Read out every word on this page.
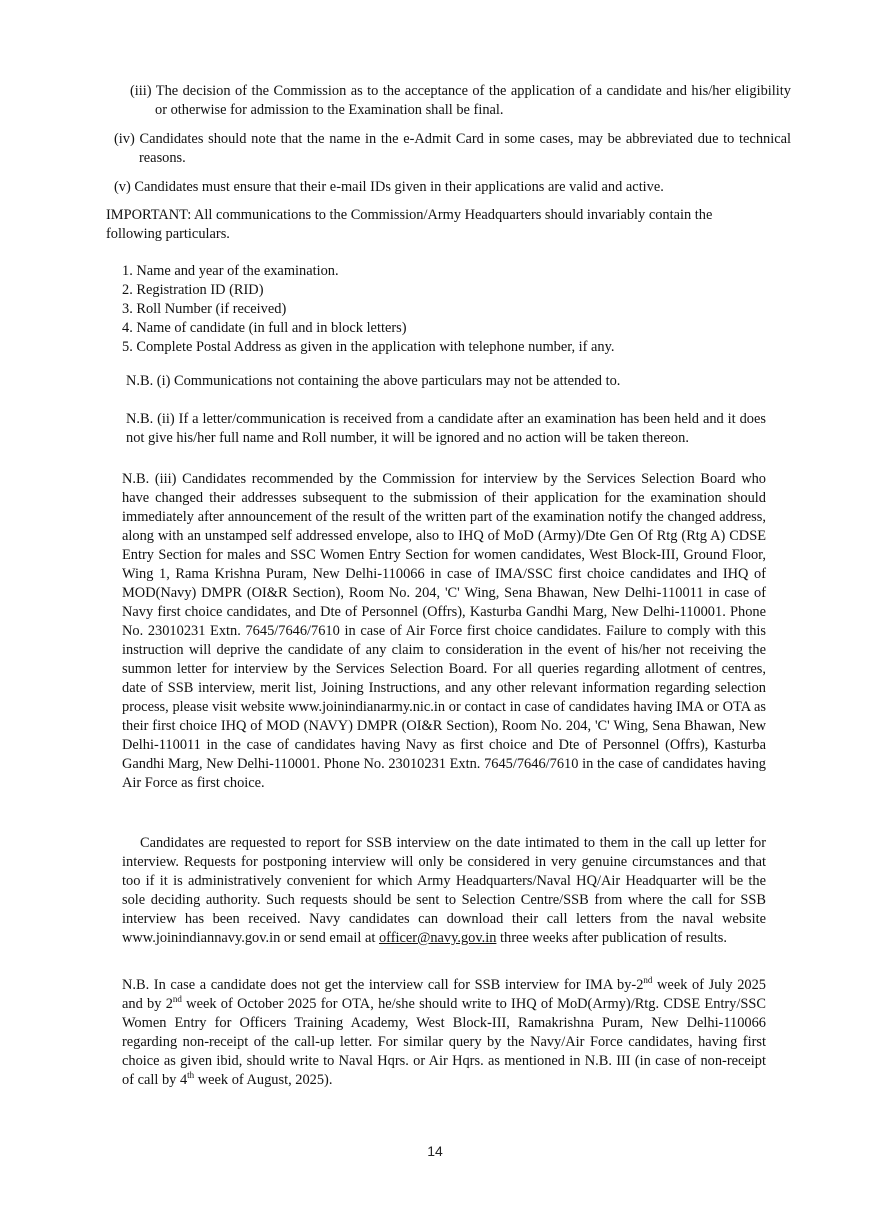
(iii) The decision of the Commission as to the acceptance of the application of a candidate and his/her eligibility or otherwise for admission to the Examination shall be final.

(iv) Candidates should note that the name in the e-Admit Card in some cases, may be abbreviated due to technical reasons.

(v) Candidates must ensure that their e-mail IDs given in their applications are valid and active.

IMPORTANT: All communications to the Commission/Army Headquarters should invariably contain the following particulars.

1. Name and year of the examination.
2. Registration ID (RID)
3. Roll Number (if received)
4. Name of candidate (in full and in block letters)
5. Complete Postal Address as given in the application with telephone number, if any.

N.B. (i) Communications not containing the above particulars may not be attended to.

N.B. (ii) If a letter/communication is received from a candidate after an examination has been held and it does not give his/her full name and Roll number, it will be ignored and no action will be taken thereon.

N.B. (iii) Candidates recommended by the Commission for interview by the Services Selection Board who have changed their addresses subsequent to the submission of their application for the examination should immediately after announcement of the result of the written part of the examination notify the changed address, along with an unstamped self addressed envelope, also to IHQ of MoD (Army)/Dte Gen Of Rtg (Rtg A) CDSE Entry Section for males and SSC Women Entry Section for women candidates, West Block-III, Ground Floor, Wing 1, Rama Krishna Puram, New Delhi-110066 in case of IMA/SSC first choice candidates and IHQ of MOD(Navy) DMPR (OI&R Section), Room No. 204, 'C' Wing, Sena Bhawan, New Delhi-110011 in case of Navy first choice candidates, and Dte of Personnel (Offrs), Kasturba Gandhi Marg, New Delhi-110001. Phone No. 23010231 Extn. 7645/7646/7610 in case of Air Force first choice candidates. Failure to comply with this instruction will deprive the candidate of any claim to consideration in the event of his/her not receiving the summon letter for interview by the Services Selection Board. For all queries regarding allotment of centres, date of SSB interview, merit list, Joining Instructions, and any other relevant information regarding selection process, please visit website www.joinindianarmy.nic.in or contact in case of candidates having IMA or OTA as their first choice IHQ of MOD (NAVY) DMPR (OI&R Section), Room No. 204, 'C' Wing, Sena Bhawan, New Delhi-110011 in the case of candidates having Navy as first choice and Dte of Personnel (Offrs), Kasturba Gandhi Marg, New Delhi-110001. Phone No. 23010231 Extn. 7645/7646/7610 in the case of candidates having Air Force as first choice.

Candidates are requested to report for SSB interview on the date intimated to them in the call up letter for interview. Requests for postponing interview will only be considered in very genuine circumstances and that too if it is administratively convenient for which Army Headquarters/Naval HQ/Air Headquarter will be the sole deciding authority. Such requests should be sent to Selection Centre/SSB from where the call for SSB interview has been received. Navy candidates can download their call letters from the naval website www.joinindiannavy.gov.in or send email at officer@navy.gov.in three weeks after publication of results.

N.B. In case a candidate does not get the interview call for SSB interview for IMA by-2nd week of July 2025 and by 2nd week of October 2025 for OTA, he/she should write to IHQ of MoD(Army)/Rtg. CDSE Entry/SSC Women Entry for Officers Training Academy, West Block-III, Ramakrishna Puram, New Delhi-110066 regarding non-receipt of the call-up letter. For similar query by the Navy/Air Force candidates, having first choice as given ibid, should write to Naval Hqrs. or Air Hqrs. as mentioned in N.B. III (in case of non-receipt of call by 4th week of August, 2025).

14
